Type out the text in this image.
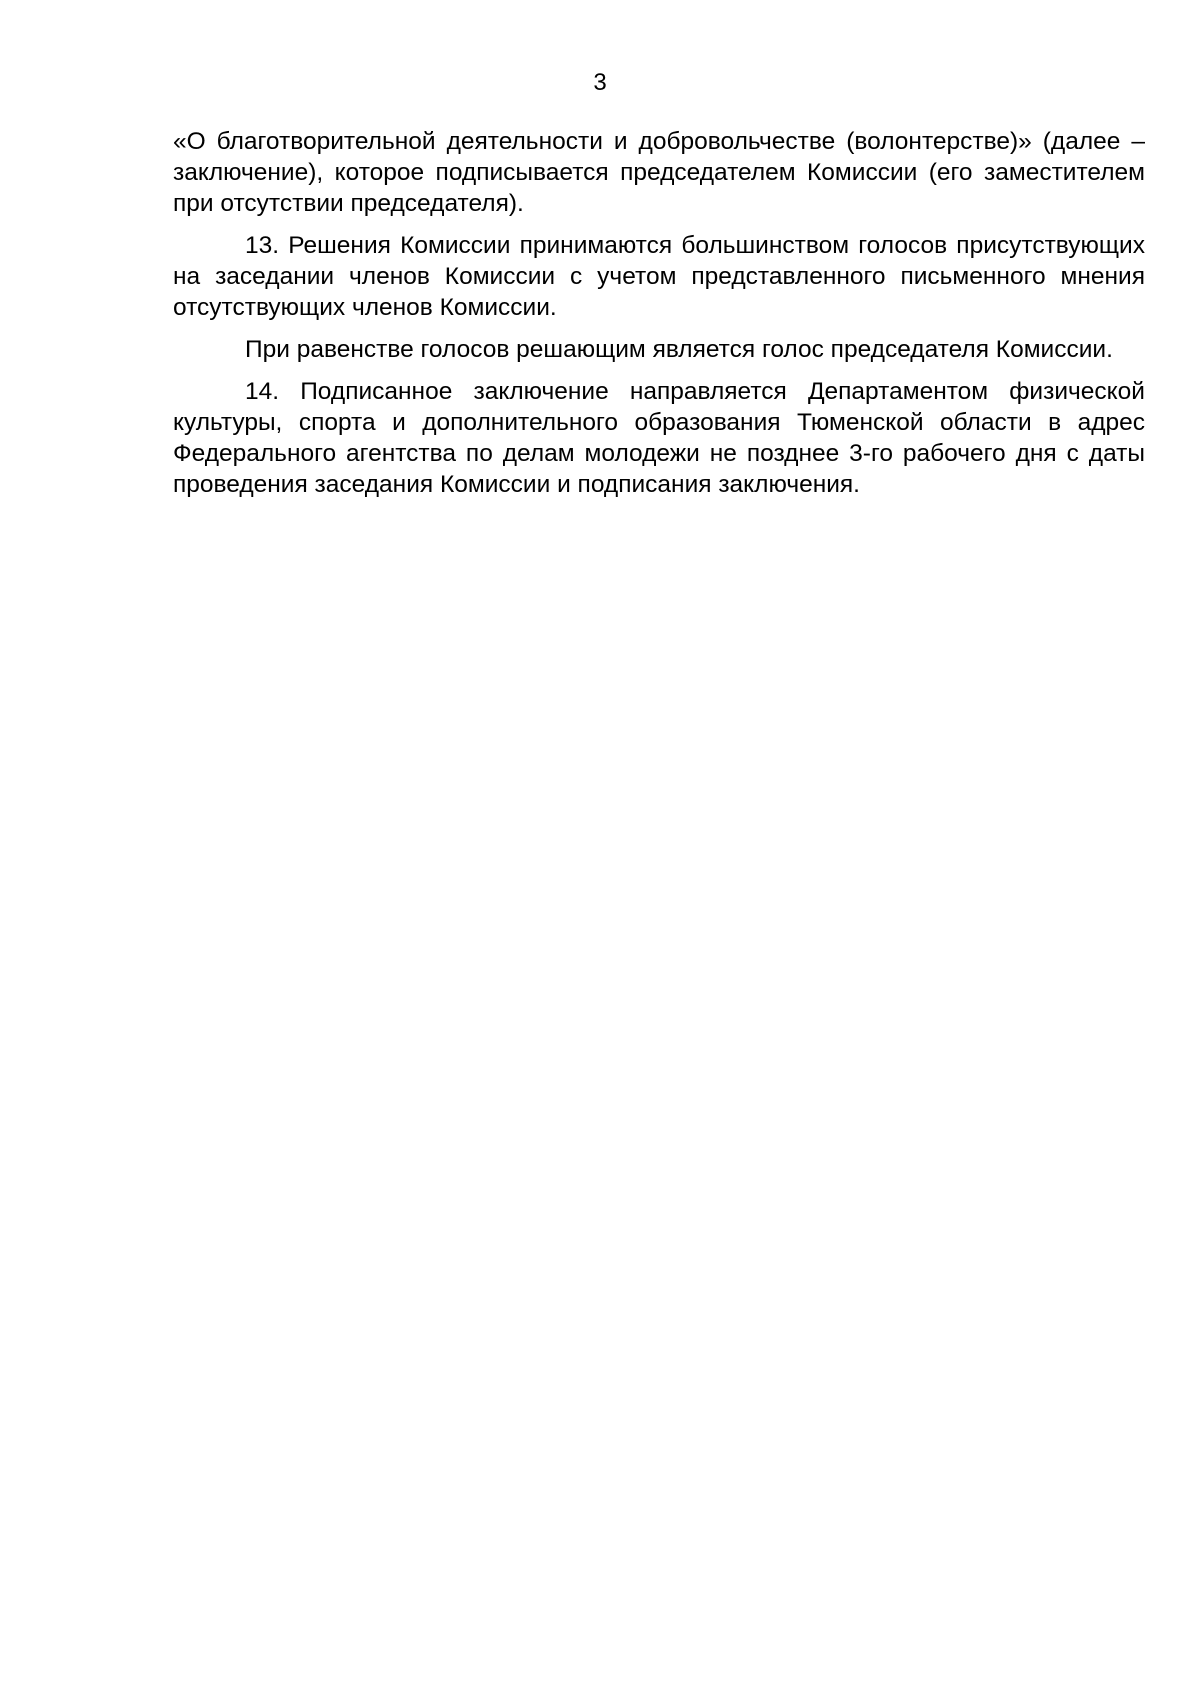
3

«О благотворительной деятельности и добровольчестве (волонтерстве)» (далее – заключение), которое подписывается председателем Комиссии (его заместителем при отсутствии председателя).

13. Решения Комиссии принимаются большинством голосов присутствующих на заседании членов Комиссии с учетом представленного письменного мнения отсутствующих членов Комиссии.

При равенстве голосов решающим является голос председателя Комиссии.

14. Подписанное заключение направляется Департаментом физической культуры, спорта и дополнительного образования Тюменской области в адрес Федерального агентства по делам молодежи не позднее 3-го рабочего дня с даты проведения заседания Комиссии и подписания заключения.
